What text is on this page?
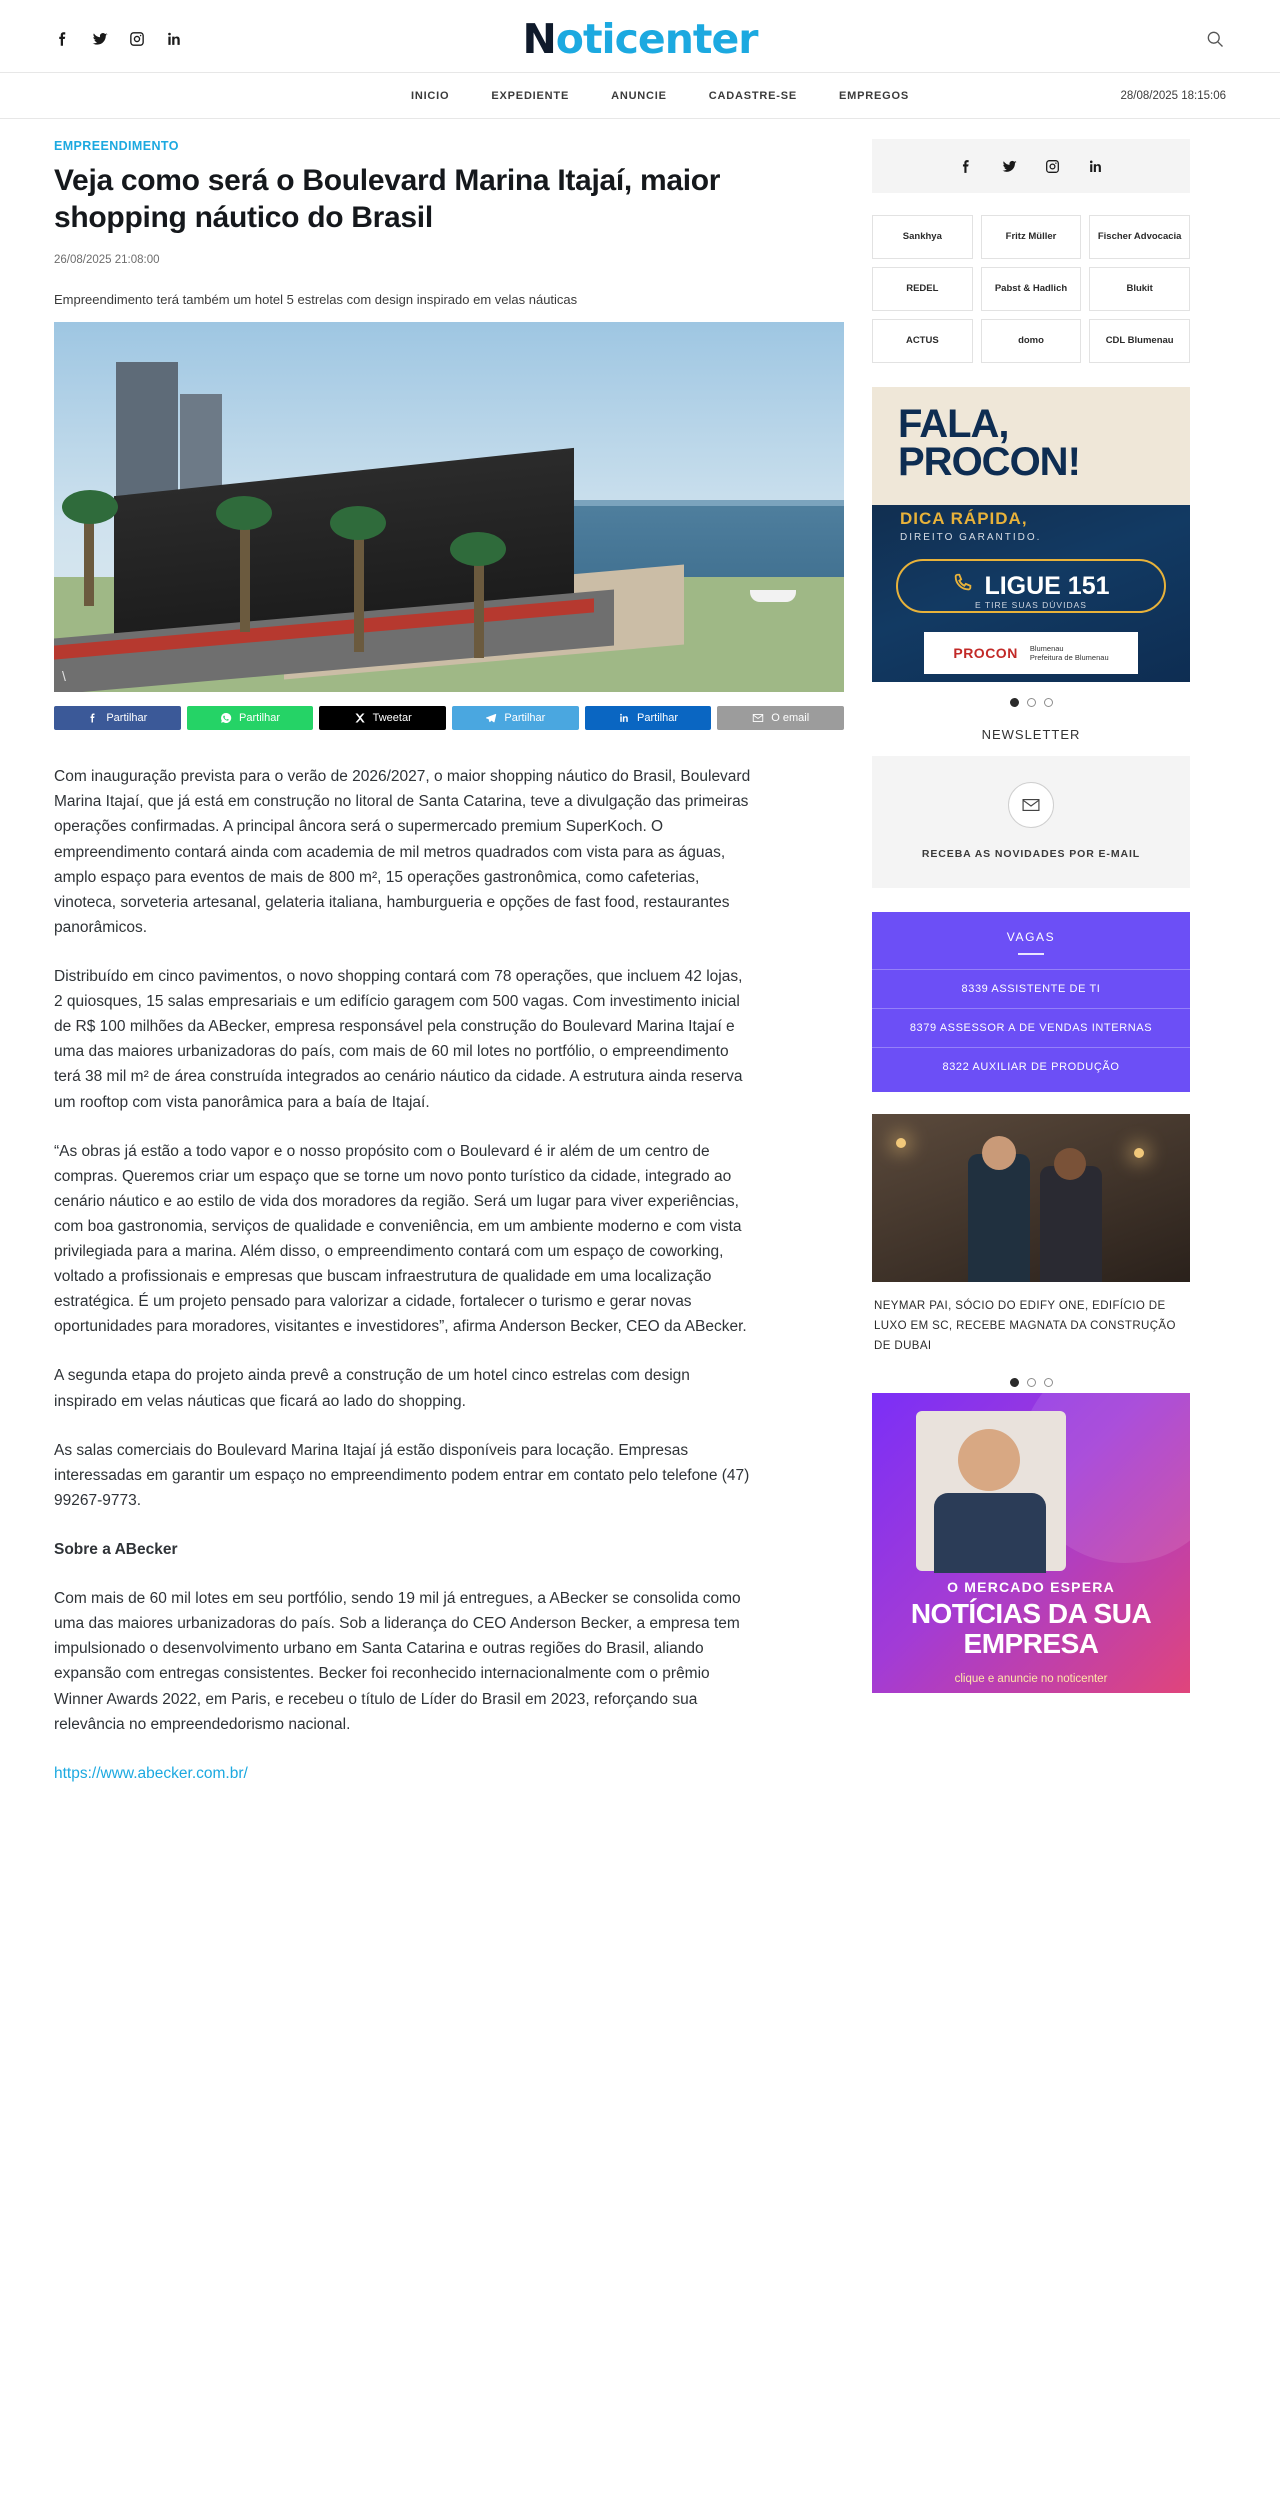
Noticenter
INICIO	EXPEDIENTE	ANUNCIE	CADASTRE-SE	EMPREGOS	28/08/2025 18:15:06
EMPREENDIMENTO
Veja como será o Boulevard Marina Itajaí, maior shopping náutico do Brasil
26/08/2025 21:08:00
Empreendimento terá também um hotel 5 estrelas com design inspirado em velas náuticas
\
Partilhar	Partilhar	Tweetar	Partilhar	Partilhar	O email

Com inauguração prevista para o verão de 2026/2027, o maior shopping náutico do Brasil, Boulevard Marina Itajaí, que já está em construção no litoral de Santa Catarina, teve a divulgação das primeiras operações confirmadas. A principal âncora será o supermercado premium SuperKoch. O empreendimento contará ainda com academia de mil metros quadrados com vista para as águas, amplo espaço para eventos de mais de 800 m², 15 operações gastronômica, como cafeterias, vinoteca, sorveteria artesanal, gelateria italiana, hamburgueria e opções de fast food, restaurantes panorâmicos.

Distribuído em cinco pavimentos, o novo shopping contará com 78 operações, que incluem 42 lojas, 2 quiosques, 15 salas empresariais e um edifício garagem com 500 vagas. Com investimento inicial de R$ 100 milhões da ABecker, empresa responsável pela construção do Boulevard Marina Itajaí e uma das maiores urbanizadoras do país, com mais de 60 mil lotes no portfólio, o empreendimento terá 38 mil m² de área construída integrados ao cenário náutico da cidade. A estrutura ainda reserva um rooftop com vista panorâmica para a baía de Itajaí.

“As obras já estão a todo vapor e o nosso propósito com o Boulevard é ir além de um centro de compras. Queremos criar um espaço que se torne um novo ponto turístico da cidade, integrado ao cenário náutico e ao estilo de vida dos moradores da região. Será um lugar para viver experiências, com boa gastronomia, serviços de qualidade e conveniência, em um ambiente moderno e com vista privilegiada para a marina. Além disso, o empreendimento contará com um espaço de coworking, voltado a profissionais e empresas que buscam infraestrutura de qualidade em uma localização estratégica. É um projeto pensado para valorizar a cidade, fortalecer o turismo e gerar novas oportunidades para moradores, visitantes e investidores”, afirma Anderson Becker, CEO da ABecker.

A segunda etapa do projeto ainda prevê a construção de um hotel cinco estrelas com design inspirado em velas náuticas que ficará ao lado do shopping.

As salas comerciais do Boulevard Marina Itajaí já estão disponíveis para locação. Empresas interessadas em garantir um espaço no empreendimento podem entrar em contato pelo telefone (47) 99267-9773.

Sobre a ABecker

Com mais de 60 mil lotes em seu portfólio, sendo 19 mil já entregues, a ABecker se consolida como uma das maiores urbanizadoras do país. Sob a liderança do CEO Anderson Becker, a empresa tem impulsionado o desenvolvimento urbano em Santa Catarina e outras regiões do Brasil, aliando expansão com entregas consistentes. Becker foi reconhecido internacionalmente com o prêmio Winner Awards 2022, em Paris, e recebeu o título de Líder do Brasil em 2023, reforçando sua relevância no empreendedorismo nacional.

https://www.abecker.com.br/

Sankhya	Fritz Müller	Fischer Advocacia
REDEL	Pabst & Hadlich	Blukit
ACTUS	domo	CDL Blumenau
FALA,
PROCON!
DICA RÁPIDA,
DIREITO GARANTIDO.
LIGUE 151
E TIRE SUAS DÚVIDAS
PROCON Blumenau
Prefeitura de Blumenau
NEWSLETTER
RECEBA AS NOVIDADES POR E-MAIL
VAGAS
8339 ASSISTENTE DE TI
8379 ASSESSOR A DE VENDAS INTERNAS
8322 AUXILIAR DE PRODUÇÃO
NEYMAR PAI, SÓCIO DO EDIFY ONE, EDIFÍCIO DE LUXO EM SC, RECEBE MAGNATA DA CONSTRUÇÃO DE DUBAI
O MERCADO ESPERA
NOTÍCIAS DA SUA EMPRESA
clique e anuncie no noticenter
